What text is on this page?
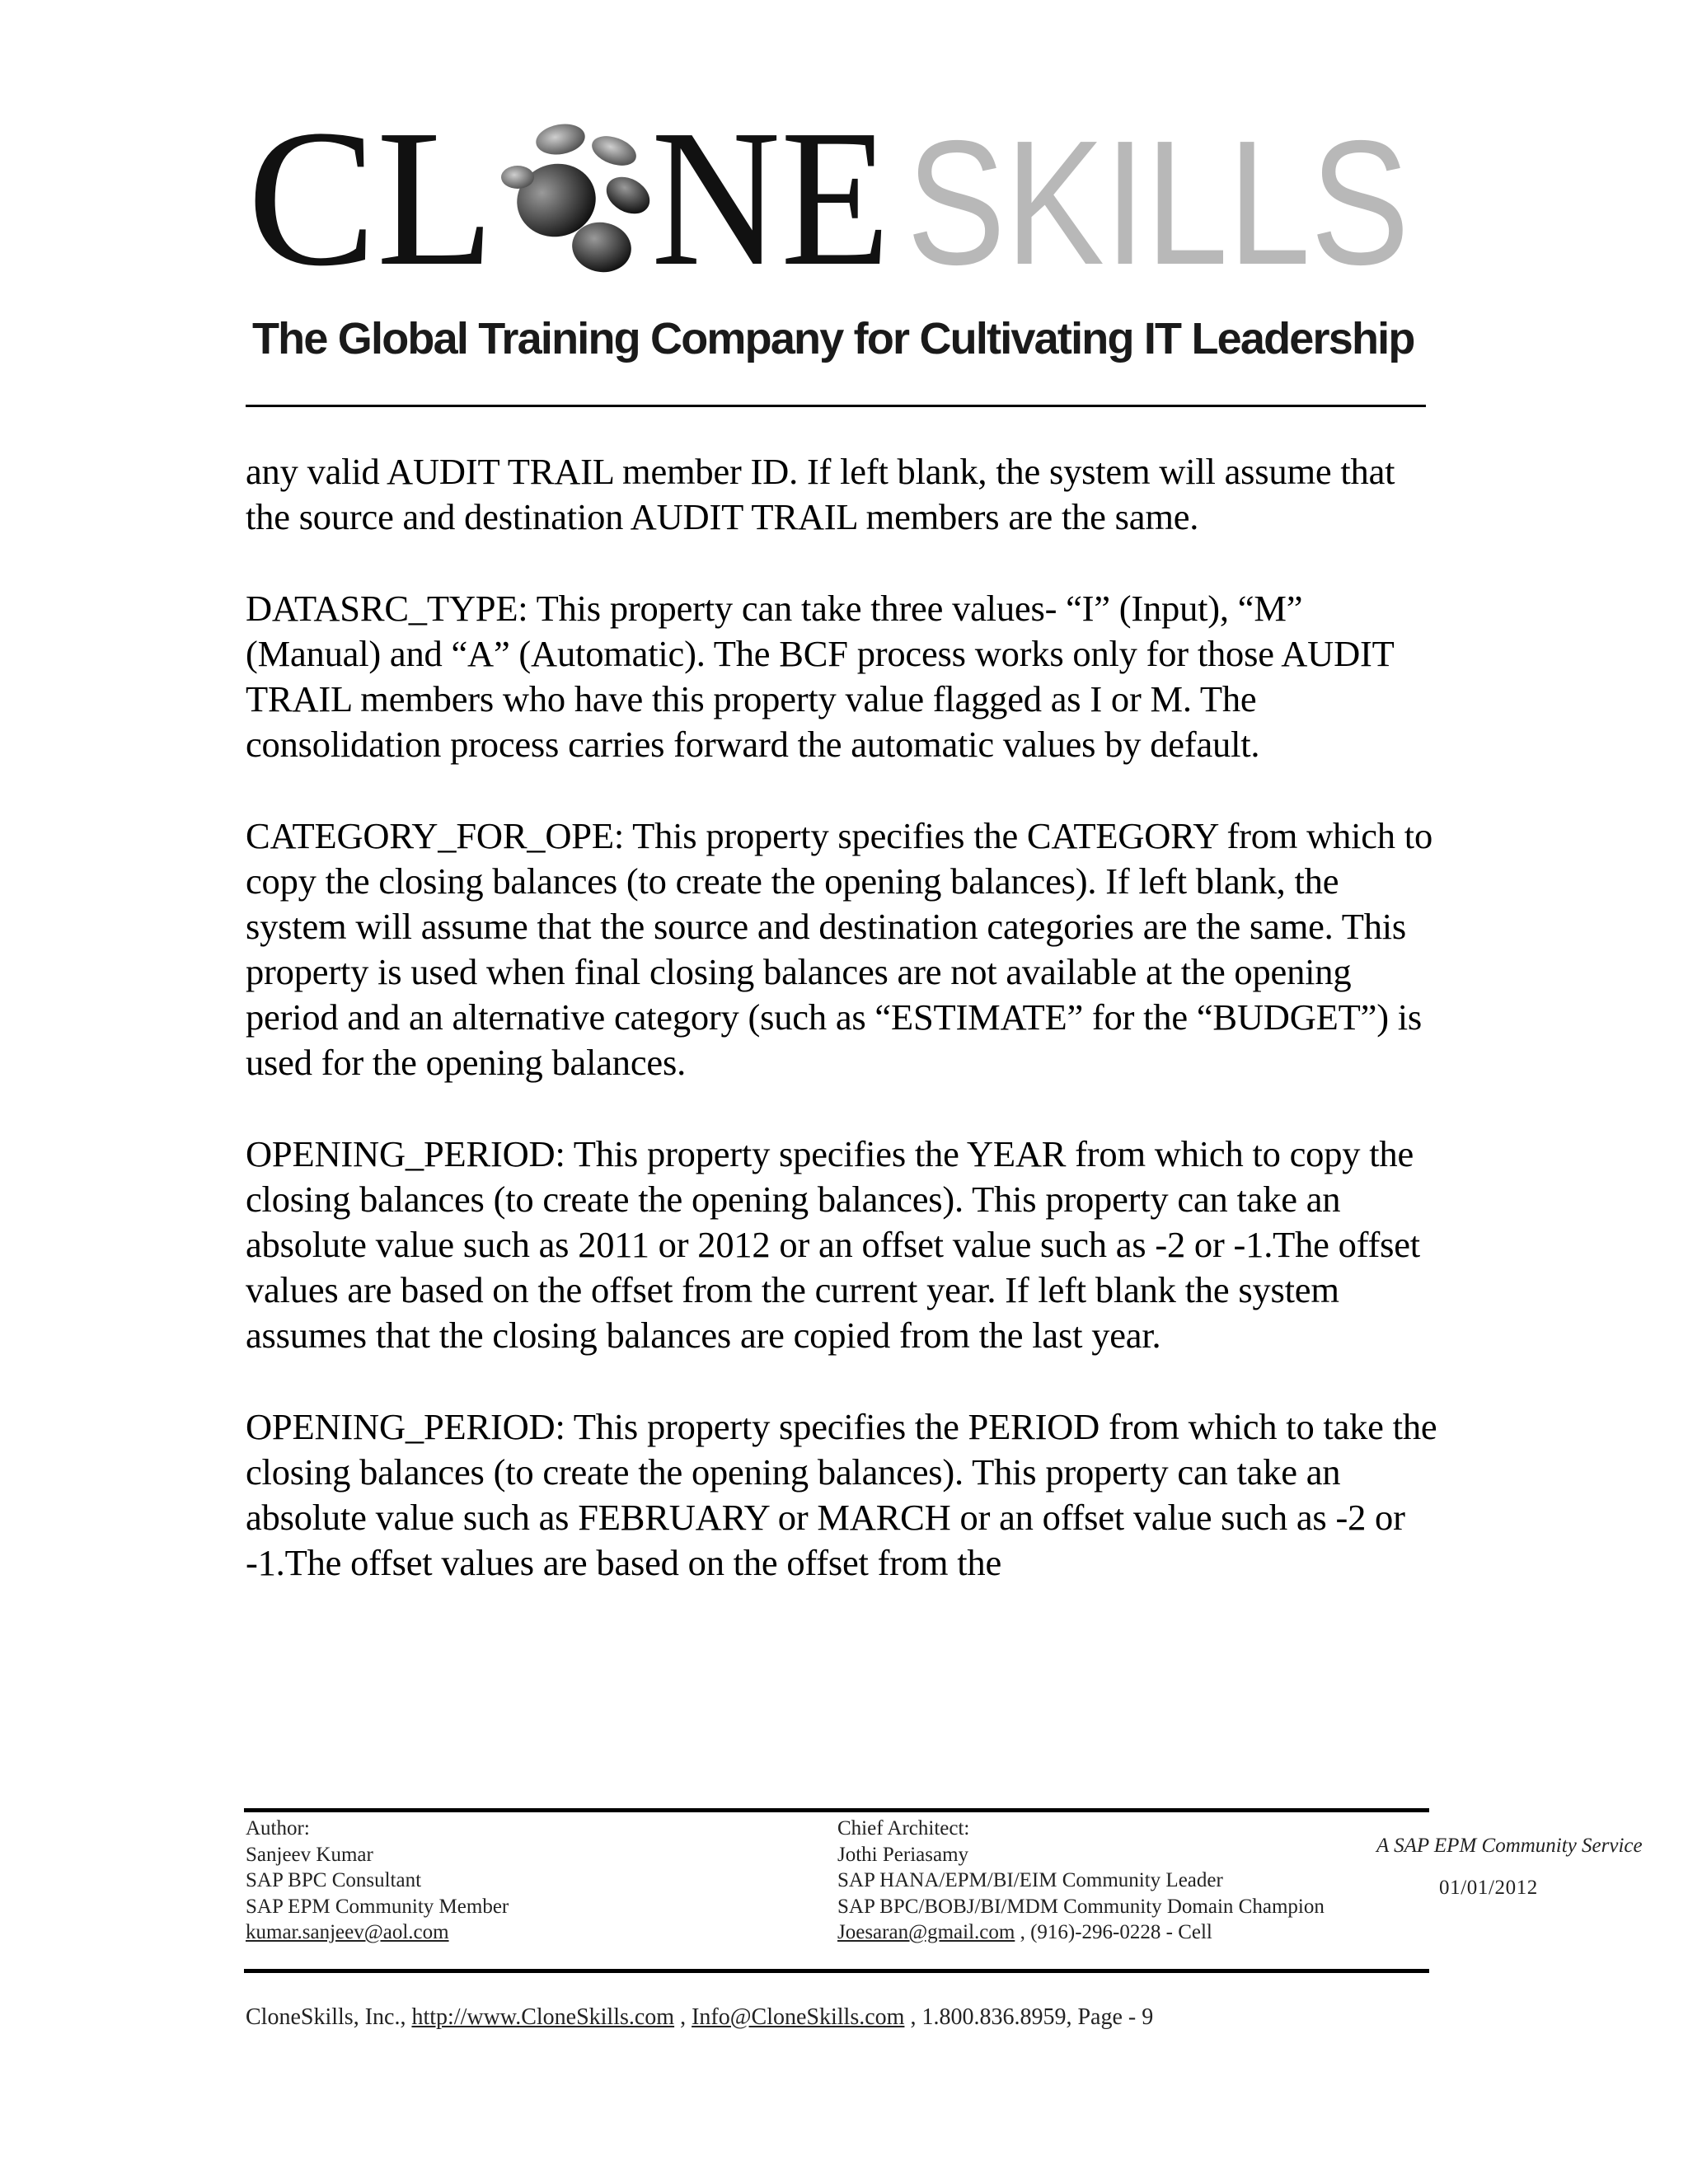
CL NE SKILLS
The Global Training Company for Cultivating IT Leadership

any valid AUDIT TRAIL member ID. If left blank, the system will assume that the source and destination AUDIT TRAIL members are the same.

DATASRC_TYPE: This property can take three values- “I” (Input), “M” (Manual) and “A” (Automatic). The BCF process works only for those AUDIT TRAIL members who have this property value flagged as I or M. The consolidation process carries forward the automatic values by default.

CATEGORY_FOR_OPE: This property specifies the CATEGORY from which to copy the closing balances (to create the opening balances). If left blank, the system will assume that the source and destination categories are the same. This property is used when final closing balances are not available at the opening period and an alternative category (such as “ESTIMATE” for the “BUDGET”) is used for the opening balances.

OPENING_PERIOD: This property specifies the YEAR from which to copy the closing balances (to create the opening balances). This property can take an absolute value such as 2011 or 2012 or an offset value such as -2 or -1.The offset values are based on the offset from the current year. If left blank the system assumes that the closing balances are copied from the last year.

OPENING_PERIOD: This property specifies the PERIOD from which to take the closing balances (to create the opening balances). This property can take an absolute value such as FEBRUARY or MARCH or an offset value such as -2 or -1.The offset values are based on the offset from the

Author:
Sanjeev Kumar
SAP BPC Consultant
SAP EPM Community Member
kumar.sanjeev@aol.com
Chief Architect:
Jothi Periasamy
SAP HANA/EPM/BI/EIM Community Leader
SAP BPC/BOBJ/BI/MDM Community Domain Champion
Joesaran@gmail.com , (916)-296-0228 - Cell
A SAP EPM Community Service
01/01/2012
CloneSkills, Inc., http://www.CloneSkills.com , Info@CloneSkills.com , 1.800.836.8959, Page - 9
